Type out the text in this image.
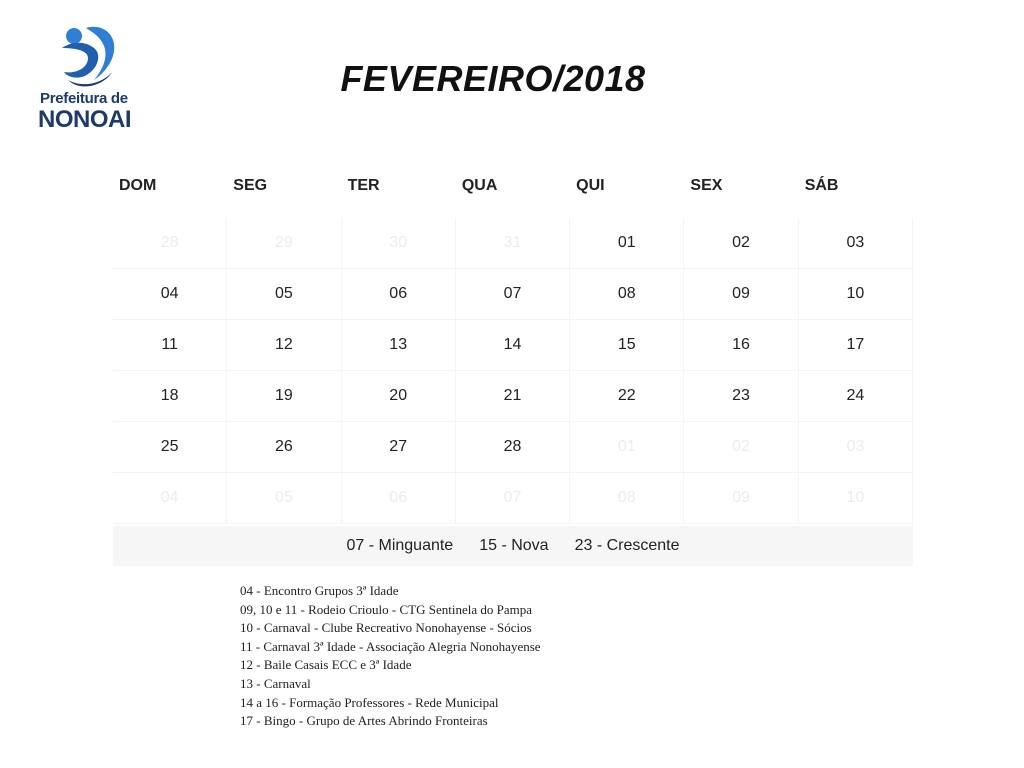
Prefeitura de
NONOAI
FEVEREIRO/2018
DOM	SEG	TER	QUA	QUI	SEX	SÁB
28	29	30	31	01	02	03
04	05	06	07	08	09	10
11	12	13	14	15	16	17
18	19	20	21	22	23	24
25	26	27	28	01	02	03
04	05	06	07	08	09	10
07 - Minguante 15 - Nova 23 - Crescente
04 - Encontro Grupos 3ª Idade
09, 10 e 11 - Rodeio Crioulo - CTG Sentinela do Pampa
10 - Carnaval - Clube Recreativo Nonohayense - Sócios
11 - Carnaval 3ª Idade - Associação Alegria Nonohayense
12 - Baile Casais ECC e 3ª Idade
13 - Carnaval
14 a 16 - Formação Professores - Rede Municipal
17 - Bingo - Grupo de Artes Abrindo Fronteiras
